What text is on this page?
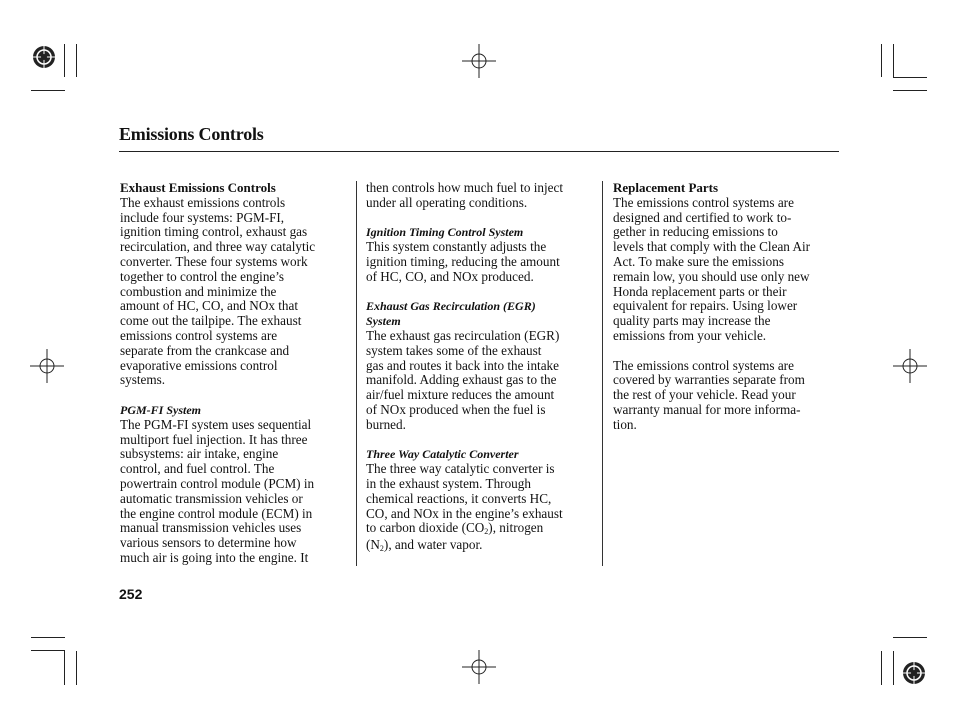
Emissions Controls
Exhaust Emissions Controls
The exhaust emissions controls
include four systems: PGM-FI,
ignition timing control, exhaust gas
recirculation, and three way catalytic
converter. These four systems work
together to control the engine’s
combustion and minimize the
amount of HC, CO, and NOx that
come out the tailpipe. The exhaust
emissions control systems are
separate from the crankcase and
evaporative emissions control
systems.
PGM-FI System
The PGM-FI system uses sequential
multiport fuel injection. It has three
subsystems: air intake, engine
control, and fuel control. The
powertrain control module (PCM) in
automatic transmission vehicles or
the engine control module (ECM) in
manual transmission vehicles uses
various sensors to determine how
much air is going into the engine. It
then controls how much fuel to inject
under all operating conditions.
Ignition Timing Control System
This system constantly adjusts the
ignition timing, reducing the amount
of HC, CO, and NOx produced.
Exhaust Gas Recirculation (EGR)
System
The exhaust gas recirculation (EGR)
system takes some of the exhaust
gas and routes it back into the intake
manifold. Adding exhaust gas to the
air/fuel mixture reduces the amount
of NOx produced when the fuel is
burned.
Three Way Catalytic Converter
The three way catalytic converter is
in the exhaust system. Through
chemical reactions, it converts HC,
CO, and NOx in the engine’s exhaust
to carbon dioxide $(CO_2)$, nitrogen
$(N_2)$, and water vapor.
Replacement Parts
The emissions control systems are
designed and certified to work to-
gether in reducing emissions to
levels that comply with the Clean Air
Act. To make sure the emissions
remain low, you should use only new
Honda replacement parts or their
equivalent for repairs. Using lower
quality parts may increase the
emissions from your vehicle.
The emissions control systems are
covered by warranties separate from
the rest of your vehicle. Read your
warranty manual for more informa-
tion.
252
